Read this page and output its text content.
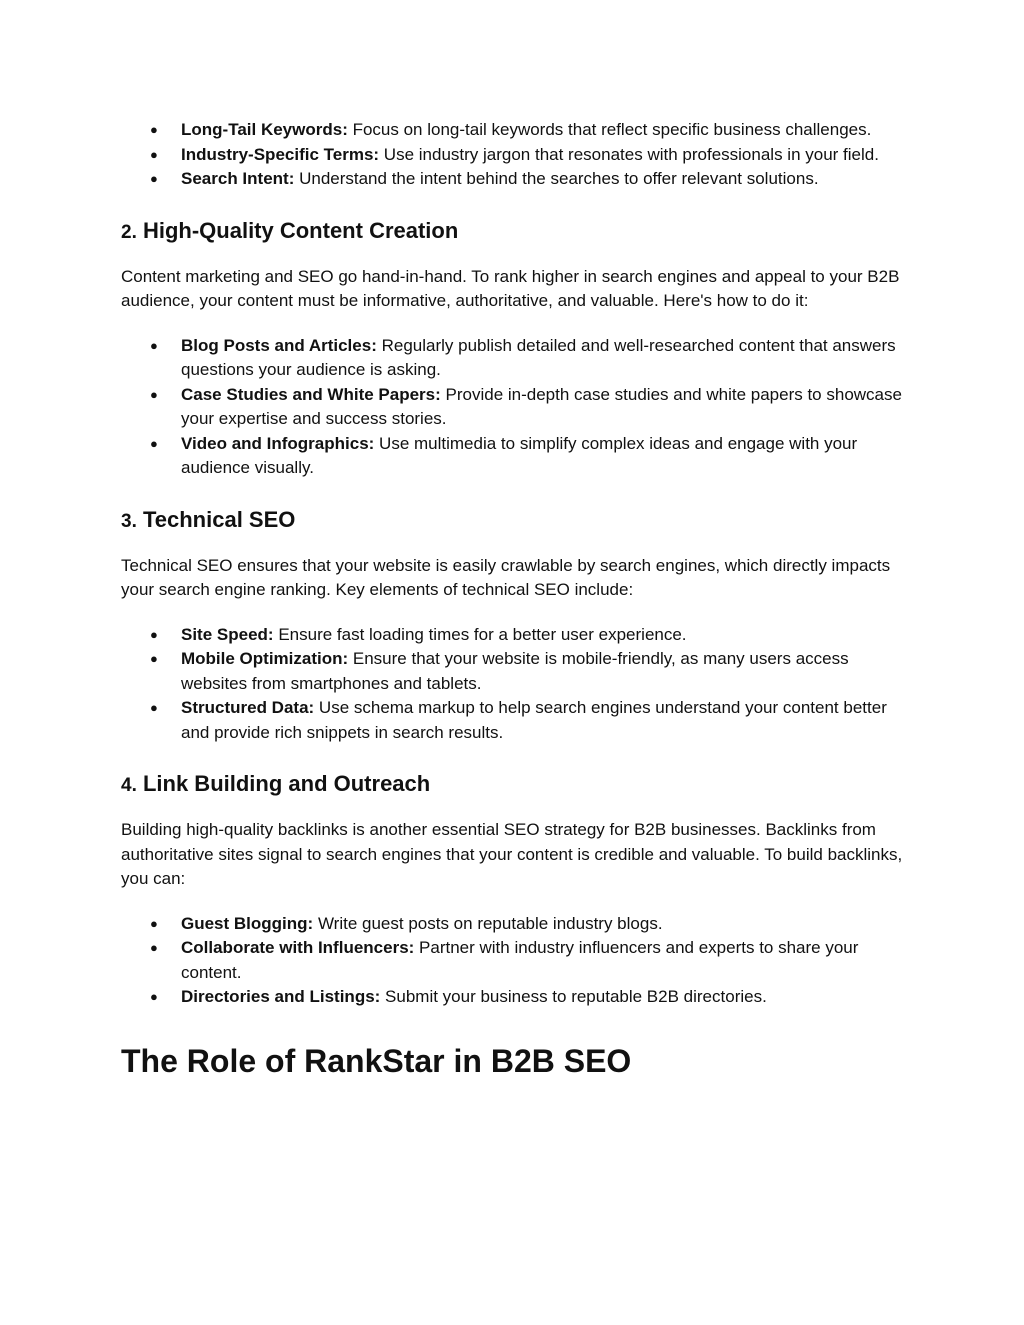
● Long-Tail Keywords: Focus on long-tail keywords that reflect specific business challenges.
● Industry-Specific Terms: Use industry jargon that resonates with professionals in your field.
● Search Intent: Understand the intent behind the searches to offer relevant solutions.
2. High-Quality Content Creation

Content marketing and SEO go hand-in-hand. To rank higher in search engines and appeal to your B2B audience, your content must be informative, authoritative, and valuable. Here's how to do it:

● Blog Posts and Articles: Regularly publish detailed and well-researched content that answers questions your audience is asking.
● Case Studies and White Papers: Provide in-depth case studies and white papers to showcase your expertise and success stories.
● Video and Infographics: Use multimedia to simplify complex ideas and engage with your audience visually.
3. Technical SEO

Technical SEO ensures that your website is easily crawlable by search engines, which directly impacts your search engine ranking. Key elements of technical SEO include:

● Site Speed: Ensure fast loading times for a better user experience.
● Mobile Optimization: Ensure that your website is mobile-friendly, as many users access websites from smartphones and tablets.
● Structured Data: Use schema markup to help search engines understand your content better and provide rich snippets in search results.
4. Link Building and Outreach

Building high-quality backlinks is another essential SEO strategy for B2B businesses. Backlinks from authoritative sites signal to search engines that your content is credible and valuable. To build backlinks, you can:

● Guest Blogging: Write guest posts on reputable industry blogs.
● Collaborate with Influencers: Partner with industry influencers and experts to share your content.
● Directories and Listings: Submit your business to reputable B2B directories.
The Role of RankStar in B2B SEO
